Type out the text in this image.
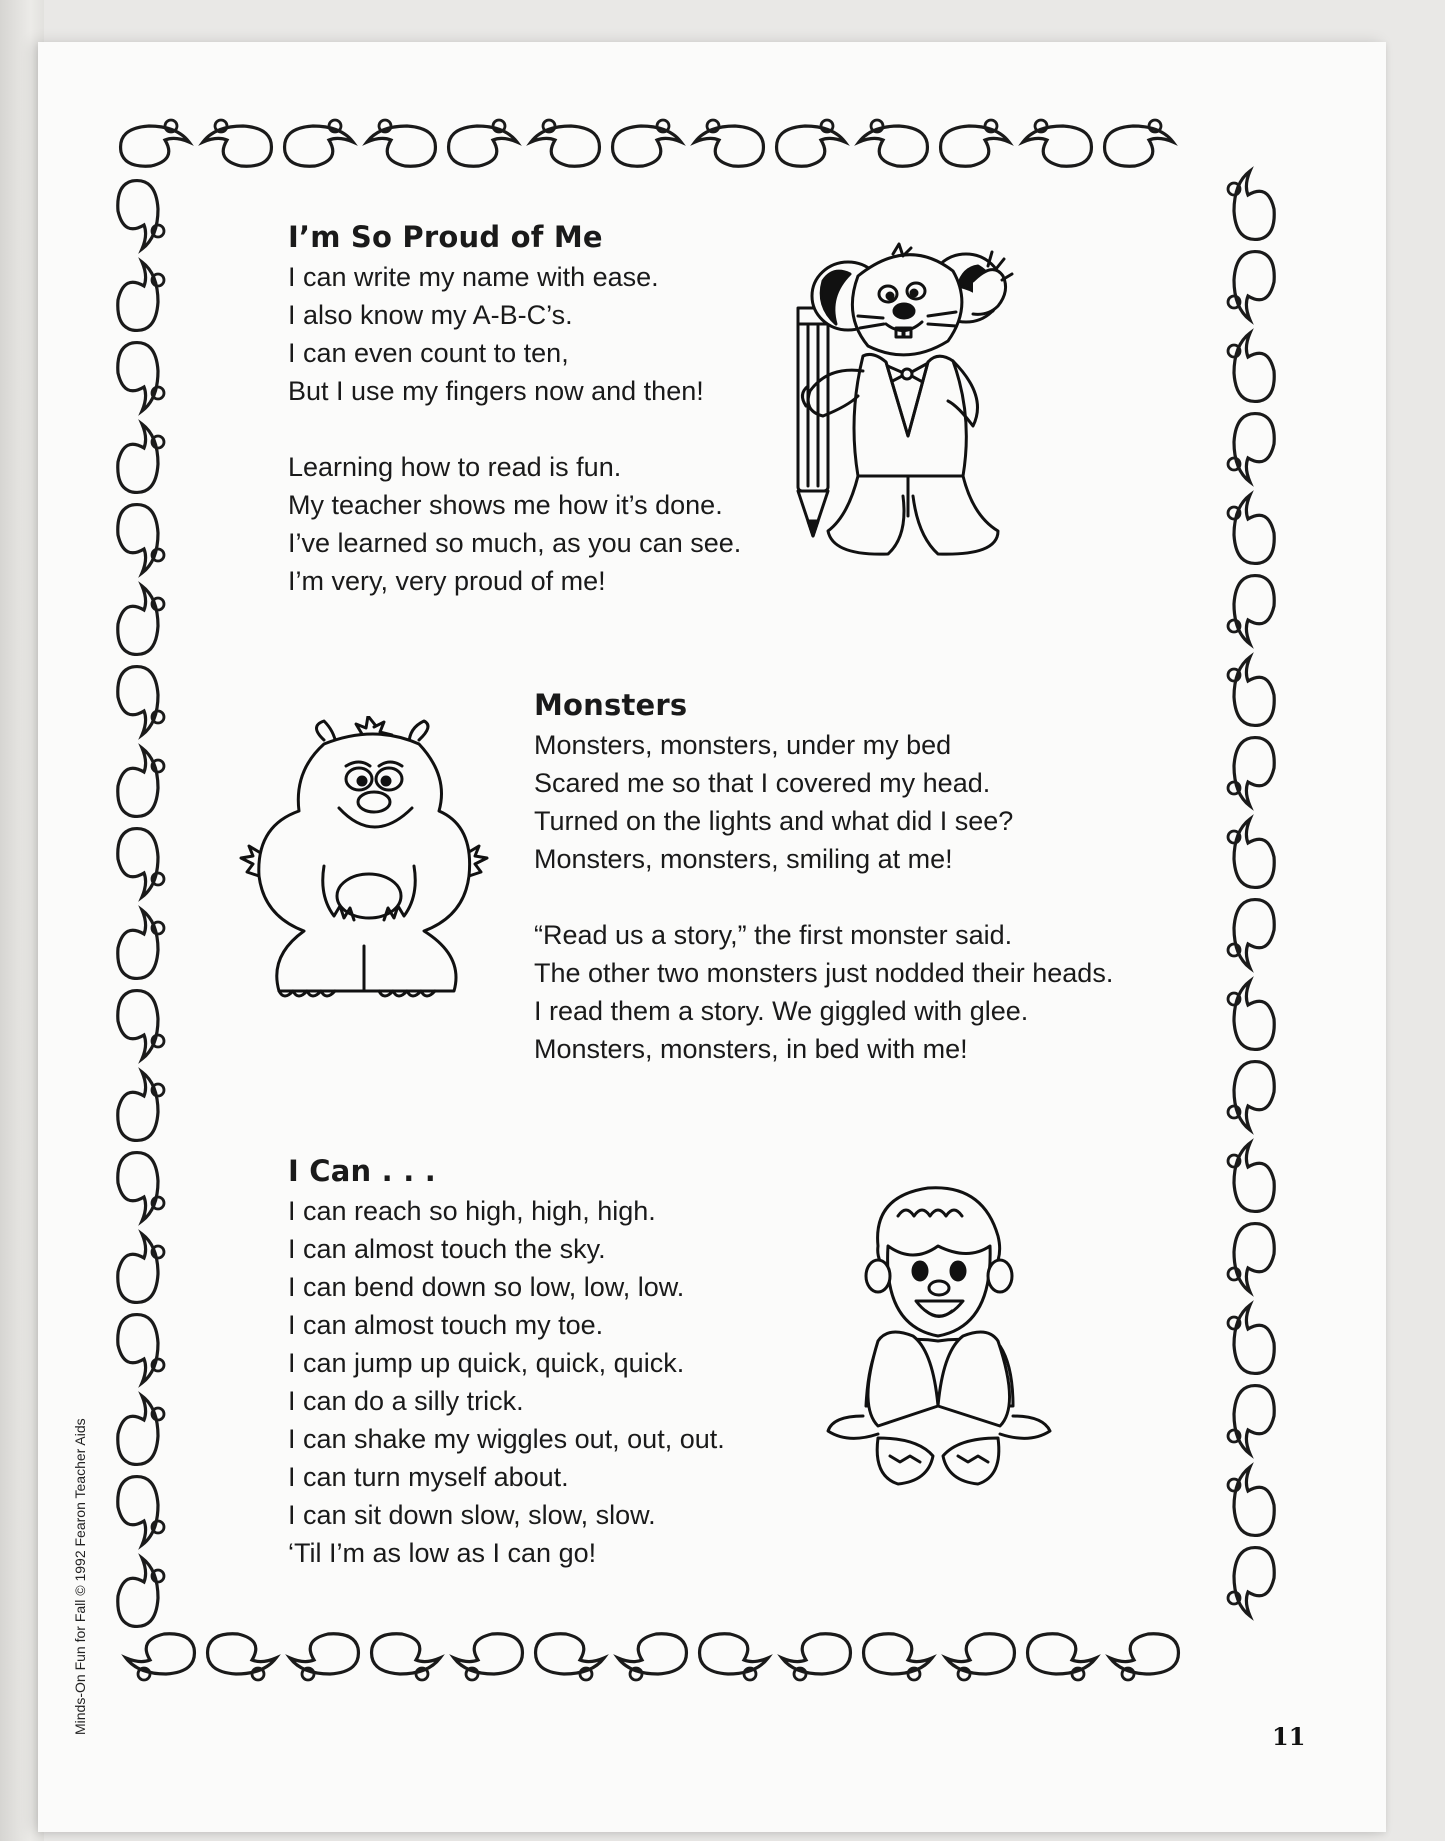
I’m So Proud of Me
I can write my name with ease.
I also know my A-B-C’s.
I can even count to ten,
But I use my fingers now and then!
Learning how to read is fun.
My teacher shows me how it’s done.
I’ve learned so much, as you can see.
I’m very, very proud of me!
Monsters
Monsters, monsters, under my bed
Scared me so that I covered my head.
Turned on the lights and what did I see?
Monsters, monsters, smiling at me!
“Read us a story,” the first monster said.
The other two monsters just nodded their heads.
I read them a story. We giggled with glee.
Monsters, monsters, in bed with me!
I Can . . .
I can reach so high, high, high.
I can almost touch the sky.
I can bend down so low, low, low.
I can almost touch my toe.
I can jump up quick, quick, quick.
I can do a silly trick.
I can shake my wiggles out, out, out.
I can turn myself about.
I can sit down slow, slow, slow.
‘Til I’m as low as I can go!
Minds-On Fun for Fall © 1992 Fearon Teacher Aids
11
